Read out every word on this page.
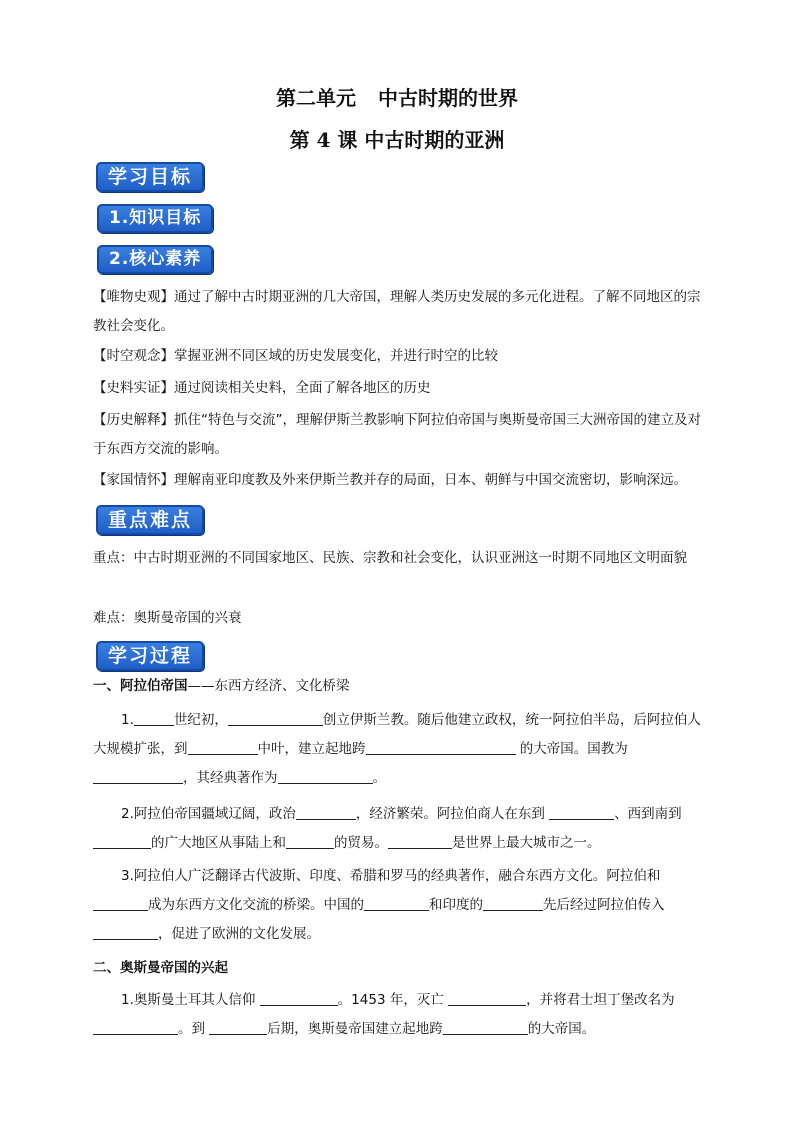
第二单元 中古时期的世界
第 4 课 中古时期的亚洲
学习目标
1.知识目标
2.核心素养

【唯物史观】通过了解中古时期亚洲的几大帝国，理解人类历史发展的多元化进程。了解不同地区的宗教社会变化。

【时空观念】掌握亚洲不同区域的历史发展变化，并进行时空的比较

【史料实证】通过阅读相关史料，全面了解各地区的历史

【历史解释】抓住“特色与交流”，理解伊斯兰教影响下阿拉伯帝国与奥斯曼帝国三大洲帝国的建立及对于东西方交流的影响。

【家国情怀】理解南亚印度教及外来伊斯兰教并存的局面，日本、朝鲜与中国交流密切，影响深远。

重点难点

重点：中古时期亚洲的不同国家地区、民族、宗教和社会变化，认识亚洲这一时期不同地区文明面貌

难点：奥斯曼帝国的兴衰

学习过程

一、阿拉伯帝国——东西方经济、文化桥梁

1.	世纪初，	创立伊斯兰教。随后他建立政权，统一阿拉伯半岛，后阿拉伯人大规模扩张，到	中叶，建立起地跨	的大帝国。国教为，其经典著作为	。

2.阿拉伯帝国疆域辽阔，政治	，经济繁荣。阿拉伯商人在东到	、西到南到的广大地区从事陆上和	的贸易。	是世界上最大城市之一。

3.阿拉伯人广泛翻译古代波斯、印度、希腊和罗马的经典著作，融合东西方文化。阿拉伯和成为东西方文化交流的桥梁。中国的	和印度的	先后经过阿拉伯传入 ，促进了欧洲的文化发展。

二、奥斯曼帝国的兴起

1.奥斯曼土耳其人信仰	。1453 年，灭亡	，并将君士坦丁堡改名为。到	后期，奥斯曼帝国建立起地跨	的大帝国。
